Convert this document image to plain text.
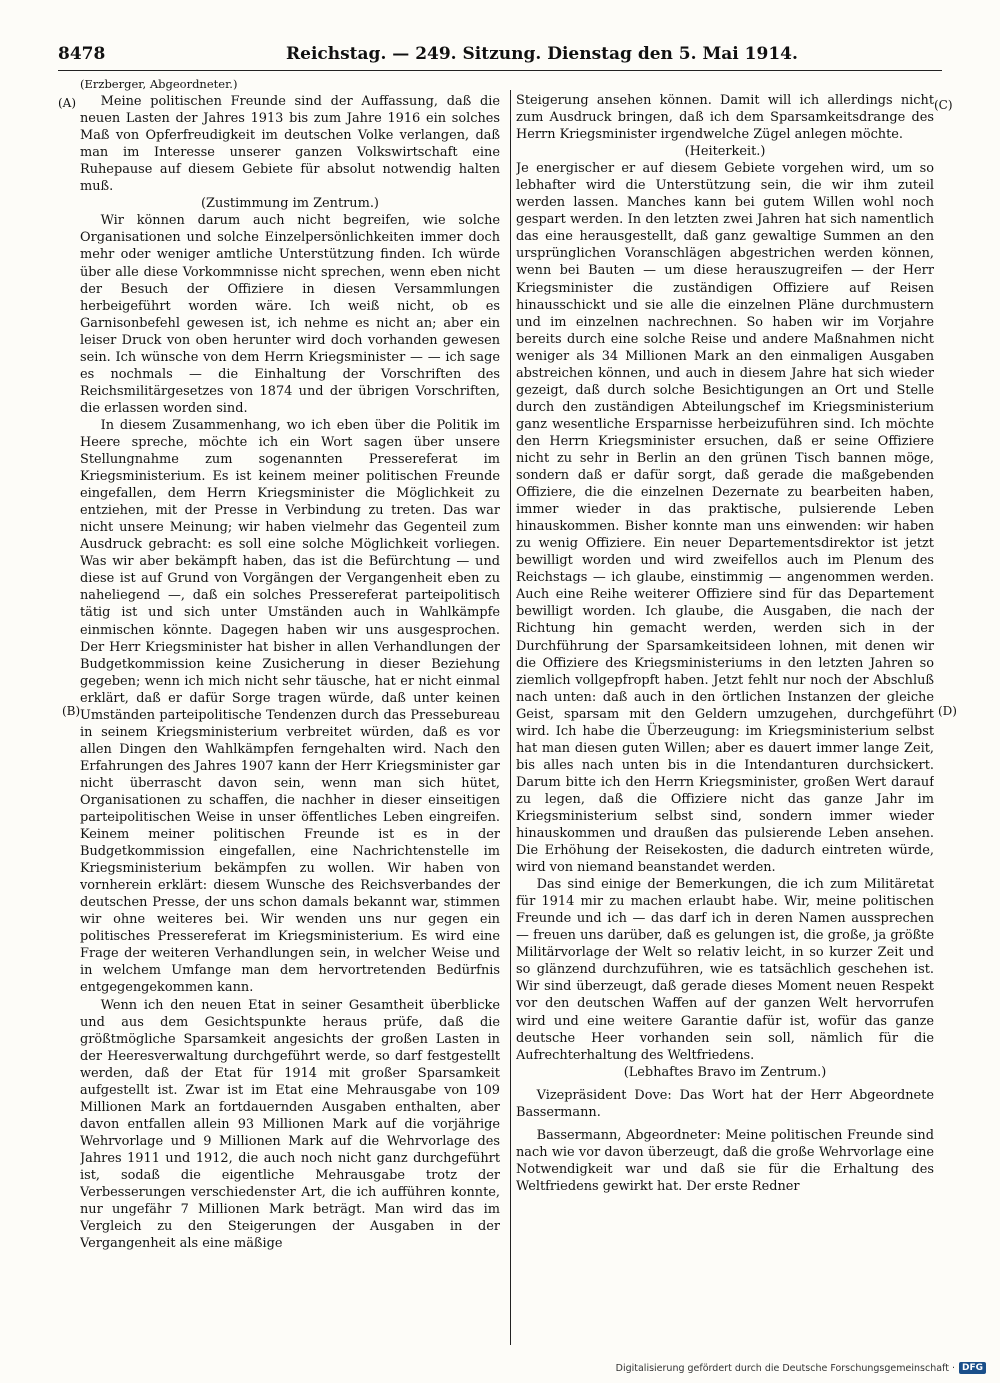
8478	Reichstag. — 249. Sitzung. Dienstag den 5. Mai 1914.
(A)
(B)
(C)
(D)

(Erzberger, Abgeordneter.)

Meine politischen Freunde sind der Auffassung, daß die neuen Lasten der Jahres 1913 bis zum Jahre 1916 ein solches Maß von Opferfreudigkeit im deutschen Volke verlangen, daß man im Interesse unserer ganzen Volkswirtschaft eine Ruhepause auf diesem Gebiete für absolut notwendig halten muß.

(Zustimmung im Zentrum.)

Wir können darum auch nicht begreifen, wie solche Organisationen und solche Einzelpersönlichkeiten immer doch mehr oder weniger amtliche Unterstützung finden. Ich würde über alle diese Vorkommnisse nicht sprechen, wenn eben nicht der Besuch der Offiziere in diesen Versammlungen herbeigeführt worden wäre. Ich weiß nicht, ob es Garnisonbefehl gewesen ist, ich nehme es nicht an; aber ein leiser Druck von oben herunter wird doch vorhanden gewesen sein. Ich wünsche von dem Herrn Kriegsminister — — ich sage es nochmals — die Einhaltung der Vorschriften des Reichsmilitärgesetzes von 1874 und der übrigen Vorschriften, die erlassen worden sind.

In diesem Zusammenhang, wo ich eben über die Politik im Heere spreche, möchte ich ein Wort sagen über unsere Stellungnahme zum sogenannten Pressereferat im Kriegsministerium. Es ist keinem meiner politischen Freunde eingefallen, dem Herrn Kriegsminister die Möglichkeit zu entziehen, mit der Presse in Verbindung zu treten. Das war nicht unsere Meinung; wir haben vielmehr das Gegenteil zum Ausdruck gebracht: es soll eine solche Möglichkeit vorliegen. Was wir aber bekämpft haben, das ist die Befürchtung — und diese ist auf Grund von Vorgängen der Vergangenheit eben zu naheliegend —, daß ein solches Pressereferat parteipolitisch tätig ist und sich unter Umständen auch in Wahlkämpfe einmischen könnte. Dagegen haben wir uns ausgesprochen. Der Herr Kriegsminister hat bisher in allen Verhandlungen der Budgetkommission keine Zusicherung in dieser Beziehung gegeben; wenn ich mich nicht sehr täusche, hat er nicht einmal erklärt, daß er dafür Sorge tragen würde, daß unter keinen Umständen parteipolitische Tendenzen durch das Pressebureau in seinem Kriegsministerium verbreitet würden, daß es vor allen Dingen den Wahlkämpfen ferngehalten wird. Nach den Erfahrungen des Jahres 1907 kann der Herr Kriegsminister gar nicht überrascht davon sein, wenn man sich hütet, Organisationen zu schaffen, die nachher in dieser einseitigen parteipolitischen Weise in unser öffentliches Leben eingreifen. Keinem meiner politischen Freunde ist es in der Budgetkommission eingefallen, eine Nachrichtenstelle im Kriegsministerium bekämpfen zu wollen. Wir haben von vornherein erklärt: diesem Wunsche des Reichsverbandes der deutschen Presse, der uns schon damals bekannt war, stimmen wir ohne weiteres bei. Wir wenden uns nur gegen ein politisches Pressereferat im Kriegsministerium. Es wird eine Frage der weiteren Verhandlungen sein, in welcher Weise und in welchem Umfange man dem hervortretenden Bedürfnis entgegengekommen kann.

Wenn ich den neuen Etat in seiner Gesamtheit überblicke und aus dem Gesichtspunkte heraus prüfe, daß die größtmögliche Sparsamkeit angesichts der großen Lasten in der Heeresverwaltung durchgeführt werde, so darf festgestellt werden, daß der Etat für 1914 mit großer Sparsamkeit aufgestellt ist. Zwar ist im Etat eine Mehrausgabe von 109 Millionen Mark an fortdauernden Ausgaben enthalten, aber davon entfallen allein 93 Millionen Mark auf die vorjährige Wehrvorlage und 9 Millionen Mark auf die Wehrvorlage des Jahres 1911 und 1912, die auch noch nicht ganz durchgeführt ist, sodaß die eigentliche Mehrausgabe trotz der Verbesserungen verschiedenster Art, die ich aufführen konnte, nur ungefähr 7 Millionen Mark beträgt. Man wird das im Vergleich zu den Steigerungen der Ausgaben in der Vergangenheit als eine mäßige

Steigerung ansehen können. Damit will ich allerdings nicht zum Ausdruck bringen, daß ich dem Sparsamkeitsdrange des Herrn Kriegsminister irgendwelche Zügel anlegen möchte.

(Heiterkeit.)

Je energischer er auf diesem Gebiete vorgehen wird, um so lebhafter wird die Unterstützung sein, die wir ihm zuteil werden lassen. Manches kann bei gutem Willen wohl noch gespart werden. In den letzten zwei Jahren hat sich namentlich das eine herausgestellt, daß ganz gewaltige Summen an den ursprünglichen Voranschlägen abgestrichen werden können, wenn bei Bauten — um diese herauszugreifen — der Herr Kriegsminister die zuständigen Offiziere auf Reisen hinausschickt und sie alle die einzelnen Pläne durchmustern und im einzelnen nachrechnen. So haben wir im Vorjahre bereits durch eine solche Reise und andere Maßnahmen nicht weniger als 34 Millionen Mark an den einmaligen Ausgaben abstreichen können, und auch in diesem Jahre hat sich wieder gezeigt, daß durch solche Besichtigungen an Ort und Stelle durch den zuständigen Abteilungschef im Kriegsministerium ganz wesentliche Ersparnisse herbeizuführen sind. Ich möchte den Herrn Kriegsminister ersuchen, daß er seine Offiziere nicht zu sehr in Berlin an den grünen Tisch bannen möge, sondern daß er dafür sorgt, daß gerade die maßgebenden Offiziere, die die einzelnen Dezernate zu bearbeiten haben, immer wieder in das praktische, pulsierende Leben hinauskommen. Bisher konnte man uns einwenden: wir haben zu wenig Offiziere. Ein neuer Departementsdirektor ist jetzt bewilligt worden und wird zweifellos auch im Plenum des Reichstags — ich glaube, einstimmig — angenommen werden. Auch eine Reihe weiterer Offiziere sind für das Departement bewilligt worden. Ich glaube, die Ausgaben, die nach der Richtung hin gemacht werden, werden sich in der Durchführung der Sparsamkeitsideen lohnen, mit denen wir die Offiziere des Kriegsministeriums in den letzten Jahren so ziemlich vollgepfropft haben. Jetzt fehlt nur noch der Abschluß nach unten: daß auch in den örtlichen Instanzen der gleiche Geist, sparsam mit den Geldern umzugehen, durchgeführt wird. Ich habe die Überzeugung: im Kriegsministerium selbst hat man diesen guten Willen; aber es dauert immer lange Zeit, bis alles nach unten bis in die Intendanturen durchsickert. Darum bitte ich den Herrn Kriegsminister, großen Wert darauf zu legen, daß die Offiziere nicht das ganze Jahr im Kriegsministerium selbst sind, sondern immer wieder hinauskommen und draußen das pulsierende Leben ansehen. Die Erhöhung der Reisekosten, die dadurch eintreten würde, wird von niemand beanstandet werden.

Das sind einige der Bemerkungen, die ich zum Militäretat für 1914 mir zu machen erlaubt habe. Wir, meine politischen Freunde und ich — das darf ich in deren Namen aussprechen — freuen uns darüber, daß es gelungen ist, die große, ja größte Militärvorlage der Welt so relativ leicht, in so kurzer Zeit und so glänzend durchzuführen, wie es tatsächlich geschehen ist. Wir sind überzeugt, daß gerade dieses Moment neuen Respekt vor den deutschen Waffen auf der ganzen Welt hervorrufen wird und eine weitere Garantie dafür ist, wofür das ganze deutsche Heer vorhanden sein soll, nämlich für die Aufrechterhaltung des Weltfriedens.

(Lebhaftes Bravo im Zentrum.)

Vizepräsident Dove: Das Wort hat der Herr Abgeordnete Bassermann.

Bassermann, Abgeordneter: Meine politischen Freunde sind nach wie vor davon überzeugt, daß die große Wehrvorlage eine Notwendigkeit war und daß sie für die Erhaltung des Weltfriedens gewirkt hat. Der erste Redner

Digitalisierung gefördert durch die Deutsche Forschungsgemeinschaft · DFG
